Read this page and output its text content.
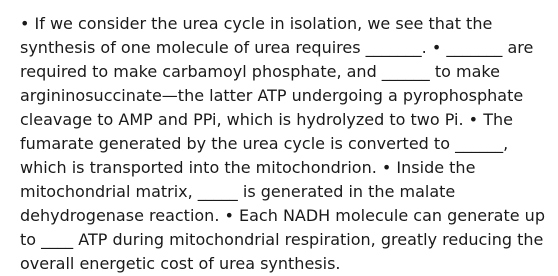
• If we consider the urea cycle in isolation, we see that the
synthesis of one molecule of urea requires _______. • _______ are
required to make carbamoyl phosphate, and ______ to make
argininosuccinate—the latter ATP undergoing a pyrophosphate
cleavage to AMP and PPi, which is hydrolyzed to two Pi. • The
fumarate generated by the urea cycle is converted to ______,
which is transported into the mitochondrion. • Inside the
mitochondrial matrix, _____ is generated in the malate
dehydrogenase reaction. • Each NADH molecule can generate up
to ____ ATP during mitochondrial respiration, greatly reducing the
overall energetic cost of urea synthesis.
